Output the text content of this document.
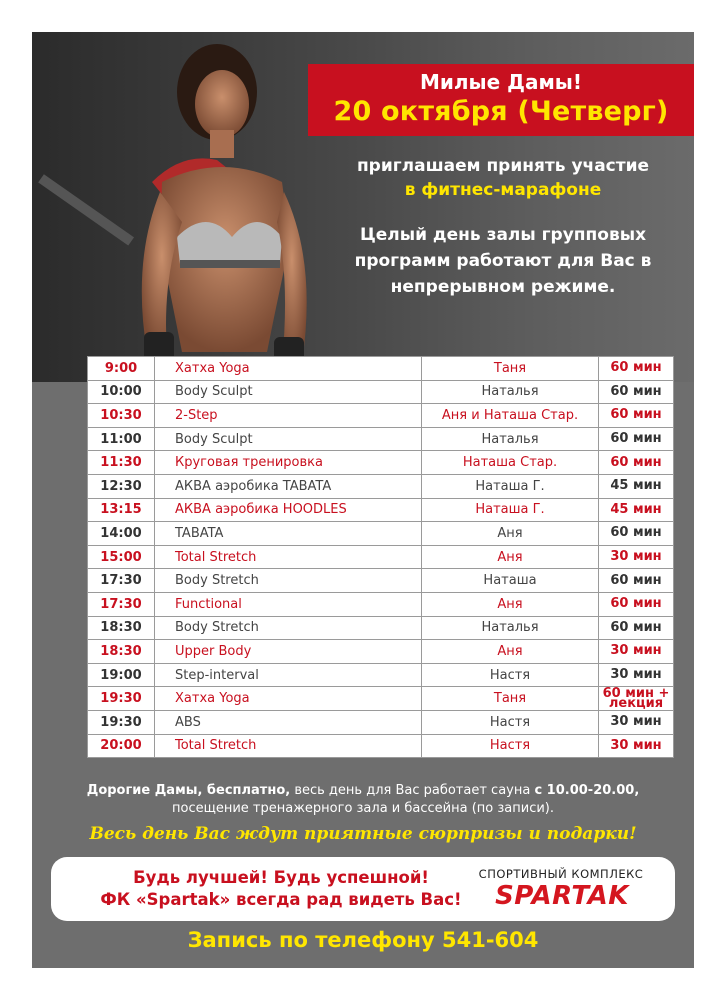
Милые Дамы!
20 октября (Четверг)
приглашаем принять участие
в фитнес-марафоне
Целый день залы групповых
программ работают для Вас в
непрерывном режиме.
9:00	Хатха Yoga	Таня	60 мин
10:00	Body Sculpt	Наталья	60 мин
10:30	2-Step	Аня и Наташа Стар.	60 мин
11:00	Body Sculpt	Наталья	60 мин
11:30	Круговая тренировка	Наташа Стар.	60 мин
12:30	АКВА аэробика TABATA	Наташа Г.	45 мин
13:15	АКВА аэробика HOODLES	Наташа Г.	45 мин
14:00	TABATA	Аня	60 мин
15:00	Total Stretch	Аня	30 мин
17:30	Body Stretch	Наташа	60 мин
17:30	Functional	Аня	60 мин
18:30	Body Stretch	Наталья	60 мин
18:30	Upper Body	Аня	30 мин
19:00	Step-interval	Настя	30 мин
19:30	Хатха Yoga	Таня	60 мин + лекция
19:30	ABS	Настя	30 мин
20:00	Total Stretch	Настя	30 мин
Дорогие Дамы, бесплатно, весь день для Вас работает сауна с 10.00-20.00,
посещение тренажерного зала и бассейна (по записи).
Весь день Вас ждут приятные сюрпризы и подарки!
Будь лучшей! Будь успешной!
ФК «Spartak» всегда рад видеть Вас!
СПОРТИВНЫЙ КОМПЛЕКС
SPARTAK
Запись по телефону 541-604
